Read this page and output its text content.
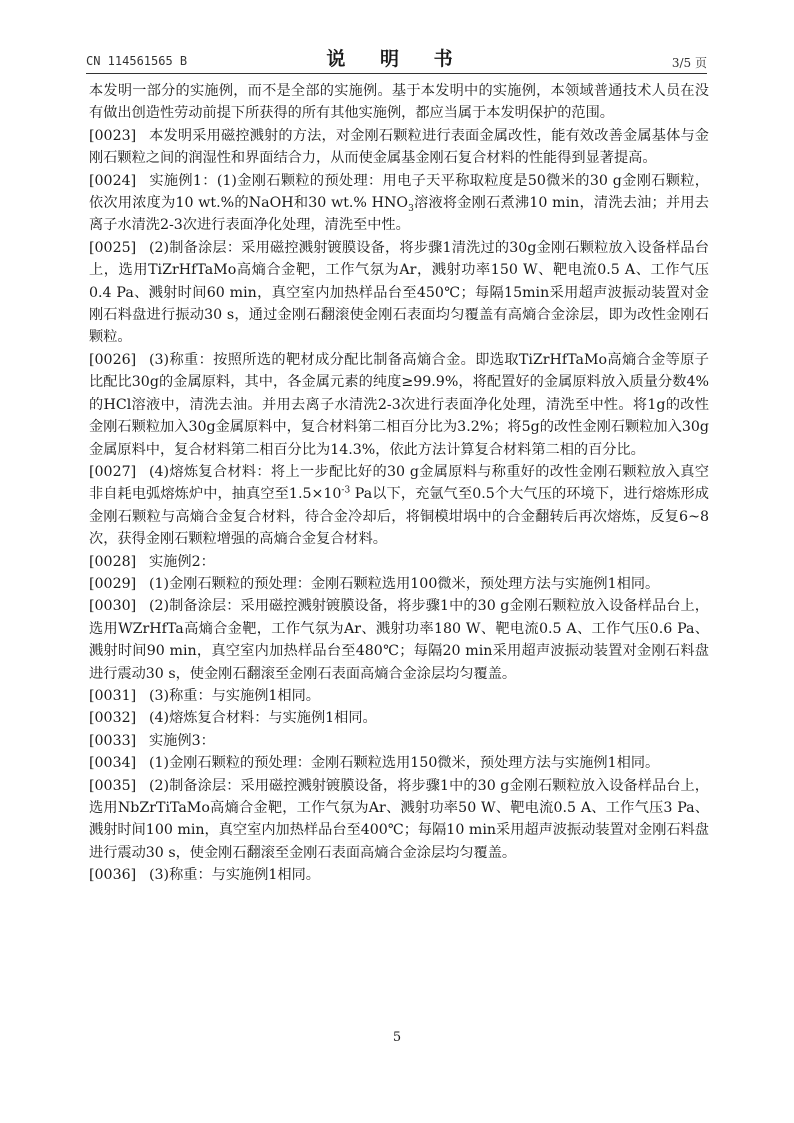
CN 114561565 B	说 明 书	3/5 页

本发明一部分的实施例，而不是全部的实施例。基于本发明中的实施例，本领域普通技术人员在没有做出创造性劳动前提下所获得的所有其他实施例，都应当属于本发明保护的范围。

[0023] 本发明采用磁控溅射的方法，对金刚石颗粒进行表面金属改性，能有效改善金属基体与金刚石颗粒之间的润湿性和界面结合力，从而使金属基金刚石复合材料的性能得到显著提高。

[0024] 实施例1：(1)金刚石颗粒的预处理：用电子天平称取粒度是50微米的30 g金刚石颗粒，依次用浓度为10 wt.%的NaOH和30 wt.% $HNO_3$溶液将金刚石煮沸10 min，清洗去油；并用去离子水清洗2-3次进行表面净化处理，清洗至中性。

[0025] (2)制备涂层：采用磁控溅射镀膜设备，将步骤1清洗过的30g金刚石颗粒放入设备样品台上，选用TiZrHfTaMo高熵合金靶，工作气氛为Ar，溅射功率150 W、靶电流0.5 A、工作气压0.4 Pa、溅射时间60 min，真空室内加热样品台至450℃；每隔15min采用超声波振动装置对金刚石料盘进行振动30 s，通过金刚石翻滚使金刚石表面均匀覆盖有高熵合金涂层，即为改性金刚石颗粒。

[0026] (3)称重：按照所选的靶材成分配比制备高熵合金。即选取TiZrHfTaMo高熵合金等原子比配比30g的金属原料，其中，各金属元素的纯度≥99.9%，将配置好的金属原料放入质量分数4%的HCl溶液中，清洗去油。并用去离子水清洗2-3次进行表面净化处理，清洗至中性。将1g的改性金刚石颗粒加入30g金属原料中，复合材料第二相百分比为3.2%；将5g的改性金刚石颗粒加入30g金属原料中，复合材料第二相百分比为14.3%，依此方法计算复合材料第二相的百分比。

[0027] (4)熔炼复合材料：将上一步配比好的30 g金属原料与称重好的改性金刚石颗粒放入真空非自耗电弧熔炼炉中，抽真空至$1.5\times 10^{-3}$ Pa以下，充氩气至0.5个大气压的环境下，进行熔炼形成金刚石颗粒与高熵合金复合材料，待合金冷却后，将铜模坩埚中的合金翻转后再次熔炼，反复6~8次，获得金刚石颗粒增强的高熵合金复合材料。

[0028] 实施例2：

[0029] (1)金刚石颗粒的预处理：金刚石颗粒选用100微米，预处理方法与实施例1相同。

[0030] (2)制备涂层：采用磁控溅射镀膜设备，将步骤1中的30 g金刚石颗粒放入设备样品台上，选用WZrHfTa高熵合金靶，工作气氛为Ar、溅射功率180 W、靶电流0.5 A、工作气压0.6 Pa、溅射时间90 min，真空室内加热样品台至480℃；每隔20 min采用超声波振动装置对金刚石料盘进行震动30 s，使金刚石翻滚至金刚石表面高熵合金涂层均匀覆盖。

[0031] (3)称重：与实施例1相同。

[0032] (4)熔炼复合材料：与实施例1相同。

[0033] 实施例3：

[0034] (1)金刚石颗粒的预处理：金刚石颗粒选用150微米，预处理方法与实施例1相同。

[0035] (2)制备涂层：采用磁控溅射镀膜设备，将步骤1中的30 g金刚石颗粒放入设备样品台上，选用NbZrTiTaMo高熵合金靶，工作气氛为Ar、溅射功率50 W、靶电流0.5 A、工作气压3 Pa、溅射时间100 min，真空室内加热样品台至400℃；每隔10 min采用超声波振动装置对金刚石料盘进行震动30 s，使金刚石翻滚至金刚石表面高熵合金涂层均匀覆盖。

[0036] (3)称重：与实施例1相同。

5
